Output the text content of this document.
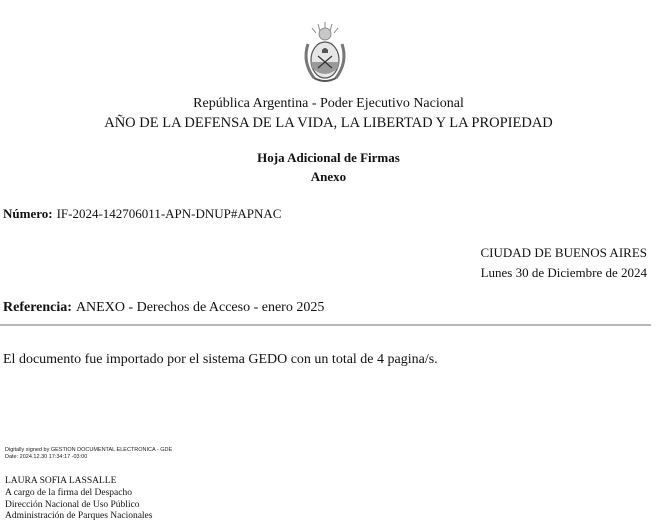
República Argentina - Poder Ejecutivo Nacional
AÑO DE LA DEFENSA DE LA VIDA, LA LIBERTAD Y LA PROPIEDAD
Hoja Adicional de Firmas
Anexo
Número: IF-2024-142706011-APN-DNUP#APNAC
CIUDAD DE BUENOS AIRES
Lunes 30 de Diciembre de 2024
Referencia: ANEXO - Derechos de Acceso - enero 2025
El documento fue importado por el sistema GEDO con un total de 4 pagina/s.
Digitally signed by GESTION DOCUMENTAL ELECTRONICA - GDE
Date: 2024.12.30 17:34:17 -03:00
LAURA SOFIA LASSALLE
A cargo de la firma del Despacho
Dirección Nacional de Uso Público
Administración de Parques Nacionales
